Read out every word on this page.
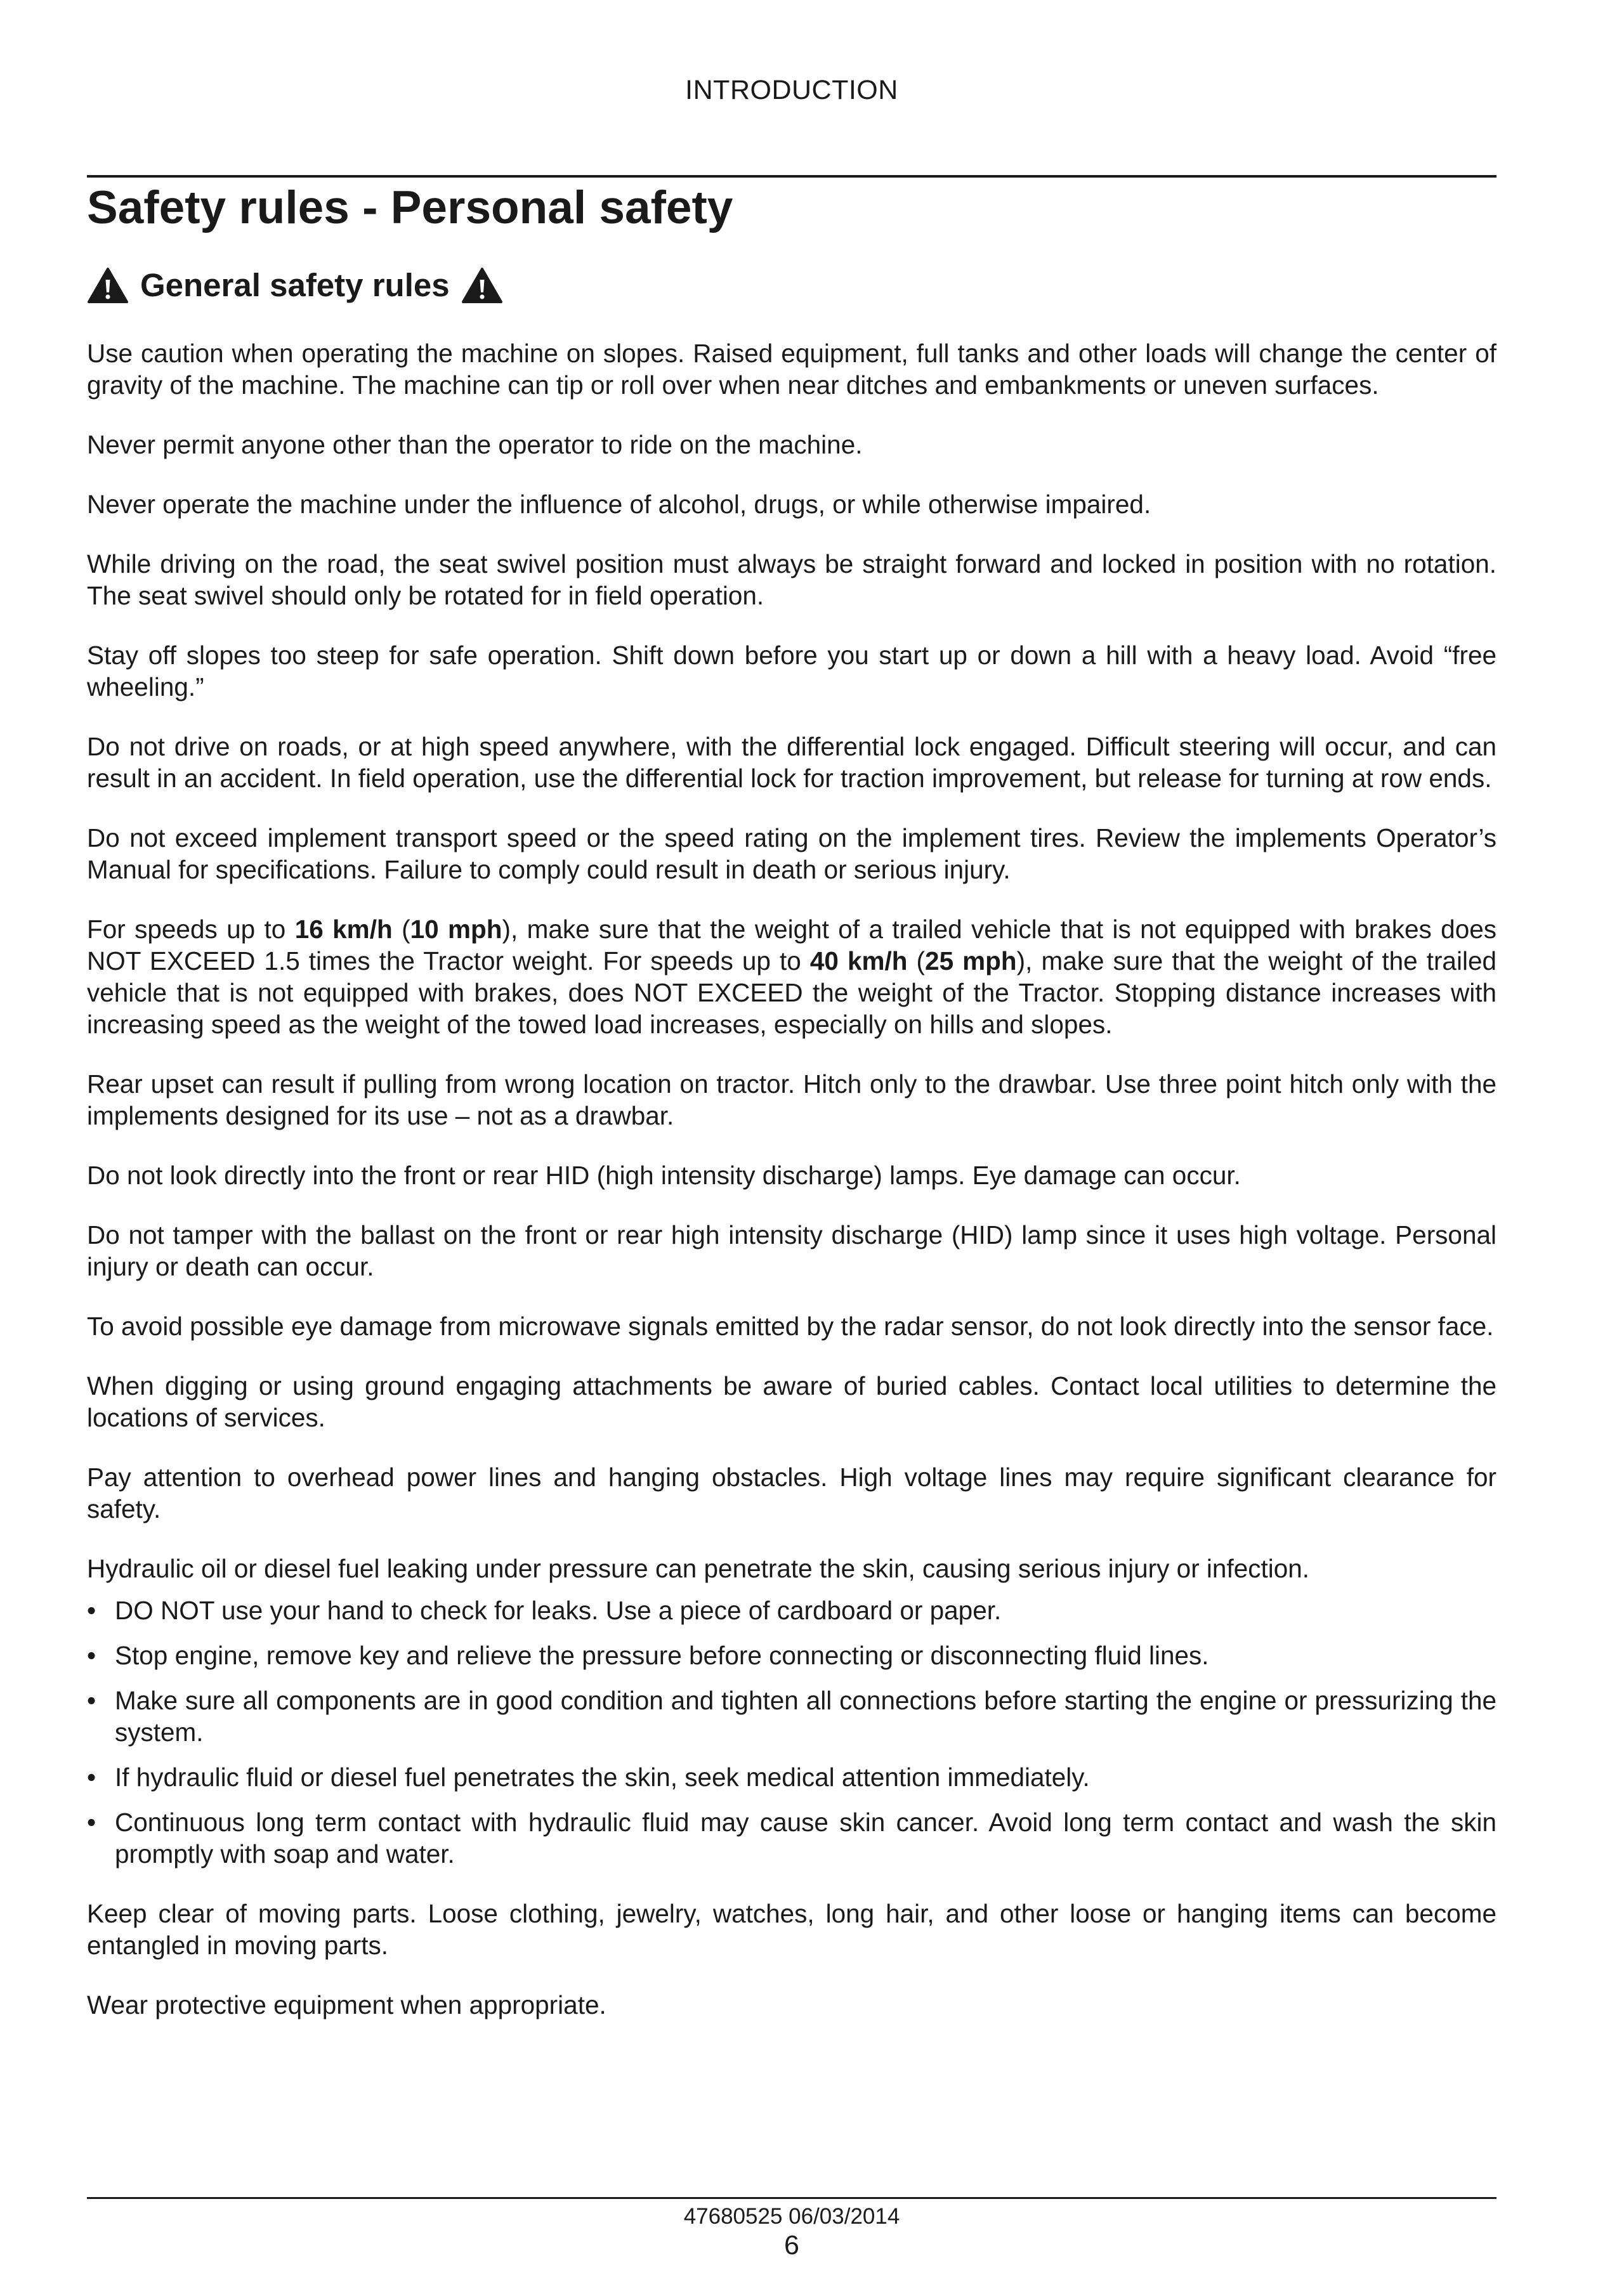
INTRODUCTION
Safety rules - Personal safety
General safety rules

Use caution when operating the machine on slopes. Raised equipment, full tanks and other loads will change the center of gravity of the machine. The machine can tip or roll over when near ditches and embankments or uneven surfaces.

Never permit anyone other than the operator to ride on the machine.

Never operate the machine under the influence of alcohol, drugs, or while otherwise impaired.

While driving on the road, the seat swivel position must always be straight forward and locked in position with no rotation. The seat swivel should only be rotated for in field operation.

Stay off slopes too steep for safe operation. Shift down before you start up or down a hill with a heavy load. Avoid “free wheeling.”

Do not drive on roads, or at high speed anywhere, with the differential lock engaged. Difficult steering will occur, and can result in an accident. In field operation, use the differential lock for traction improvement, but release for turning at row ends.

Do not exceed implement transport speed or the speed rating on the implement tires. Review the implements Operator’s Manual for specifications. Failure to comply could result in death or serious injury.

For speeds up to 16 km/h (10 mph), make sure that the weight of a trailed vehicle that is not equipped with brakes does NOT EXCEED 1.5 times the Tractor weight. For speeds up to 40 km/h (25 mph), make sure that the weight of the trailed vehicle that is not equipped with brakes, does NOT EXCEED the weight of the Tractor. Stopping distance increases with increasing speed as the weight of the towed load increases, especially on hills and slopes.

Rear upset can result if pulling from wrong location on tractor. Hitch only to the drawbar. Use three point hitch only with the implements designed for its use – not as a drawbar.

Do not look directly into the front or rear HID (high intensity discharge) lamps. Eye damage can occur.

Do not tamper with the ballast on the front or rear high intensity discharge (HID) lamp since it uses high voltage. Personal injury or death can occur.

To avoid possible eye damage from microwave signals emitted by the radar sensor, do not look directly into the sensor face.

When digging or using ground engaging attachments be aware of buried cables. Contact local utilities to determine the locations of services.

Pay attention to overhead power lines and hanging obstacles. High voltage lines may require significant clearance for safety.

Hydraulic oil or diesel fuel leaking under pressure can penetrate the skin, causing serious injury or infection.

• DO NOT use your hand to check for leaks. Use a piece of cardboard or paper.
• Stop engine, remove key and relieve the pressure before connecting or disconnecting fluid lines.
• Make sure all components are in good condition and tighten all connections before starting the engine or pressurizing the system.
• If hydraulic fluid or diesel fuel penetrates the skin, seek medical attention immediately.
• Continuous long term contact with hydraulic fluid may cause skin cancer. Avoid long term contact and wash the skin promptly with soap and water.

Keep clear of moving parts. Loose clothing, jewelry, watches, long hair, and other loose or hanging items can become entangled in moving parts.

Wear protective equipment when appropriate.

47680525 06/03/2014
6
